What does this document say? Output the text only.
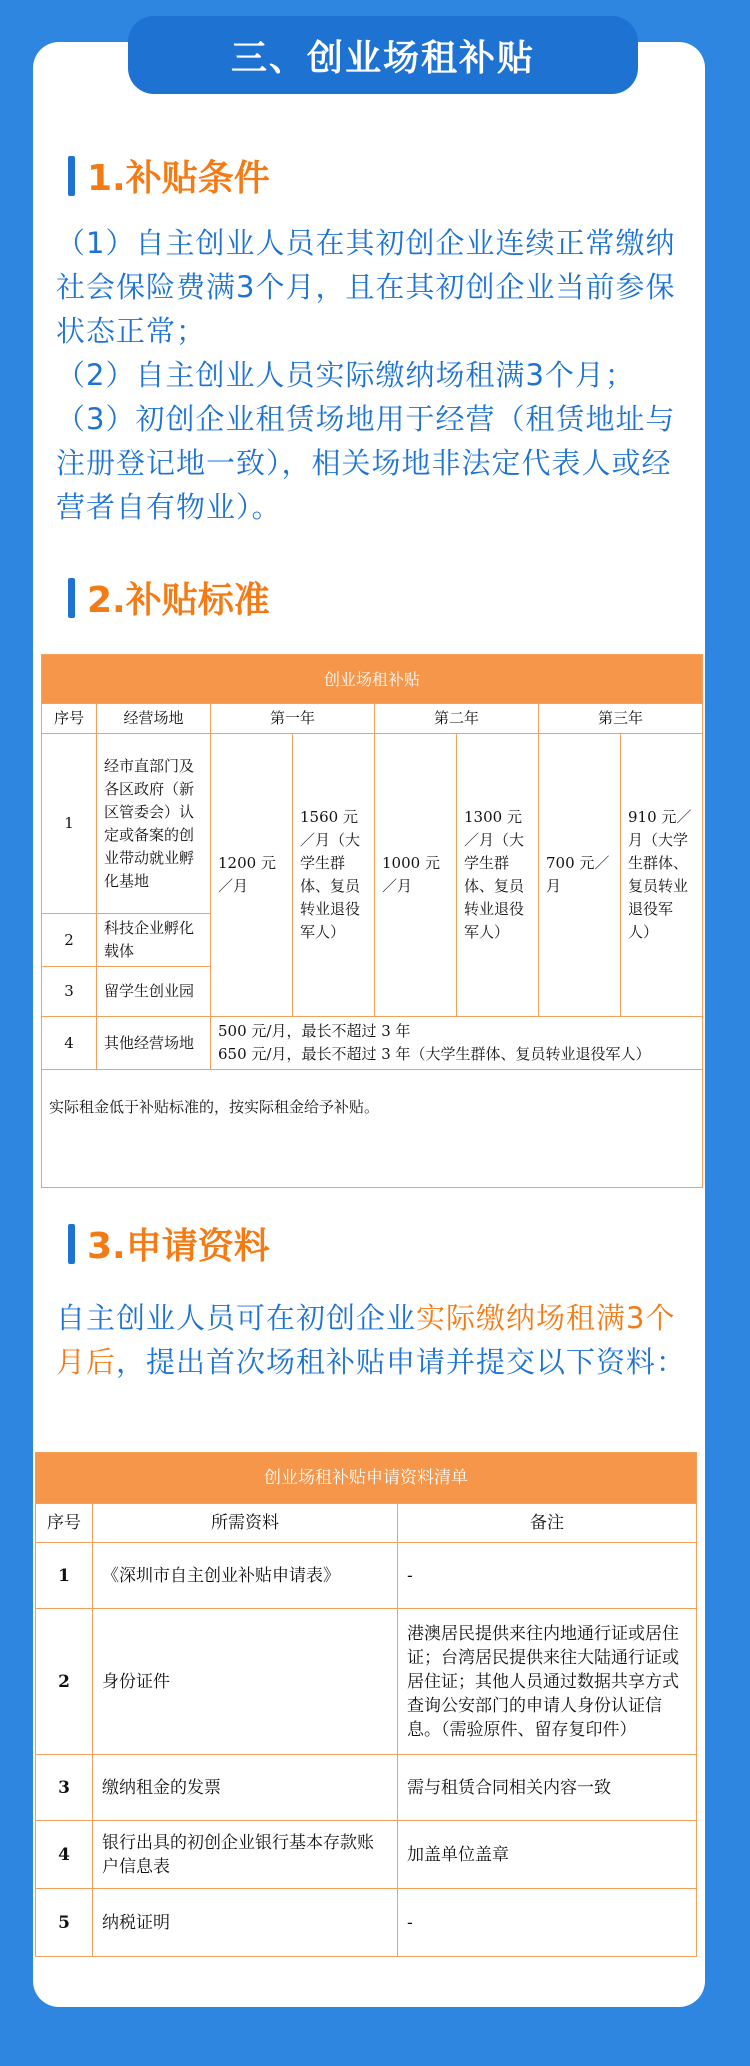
三、创业场租补贴
1.补贴条件

（1）自主创业人员在其初创企业连续正常缴纳社会保险费满3个月，且在其初创企业当前参保状态正常；

（2）自主创业人员实际缴纳场租满3个月；

（3）初创企业租赁场地用于经营（租赁地址与注册登记地一致），相关场地非法定代表人或经营者自有物业）。

2.补贴标准
创业场租补贴							
序号	经营场地	第一年		第二年		第三年	
1	经市直部门及各区政府（新区管委会）认定或备案的创业带动就业孵化基地	1200 元／月	1560 元／月（大学生群体、复员转业退役军人）	1000 元／月	1300 元／月（大学生群体、复员转业退役军人）	700 元／月	910 元／月（大学生群体、复员转业退役军人）
2	科技企业孵化载体						
3	留学生创业园						
4	其他经营场地	500 元/月，最长不超过 3 年
650 元/月，最长不超过 3 年（大学生群体、复员转业退役军人）					

实际租金低于补贴标准的，按实际租金给予补贴。							
3.申请资料
自主创业人员可在初创企业实际缴纳场租满3个月后，提出首次场租补贴申请并提交以下资料：
创业场租补贴申请资料清单		
序号	所需资料	备注
1	《深圳市自主创业补贴申请表》	-
2	身份证件	港澳居民提供来往内地通行证或居住证；台湾居民提供来往大陆通行证或居住证；其他人员通过数据共享方式查询公安部门的申请人身份认证信息。（需验原件、留存复印件）
3	缴纳租金的发票	需与租赁合同相关内容一致
4	银行出具的初创企业银行基本存款账户信息表	加盖单位盖章
5	纳税证明	-
